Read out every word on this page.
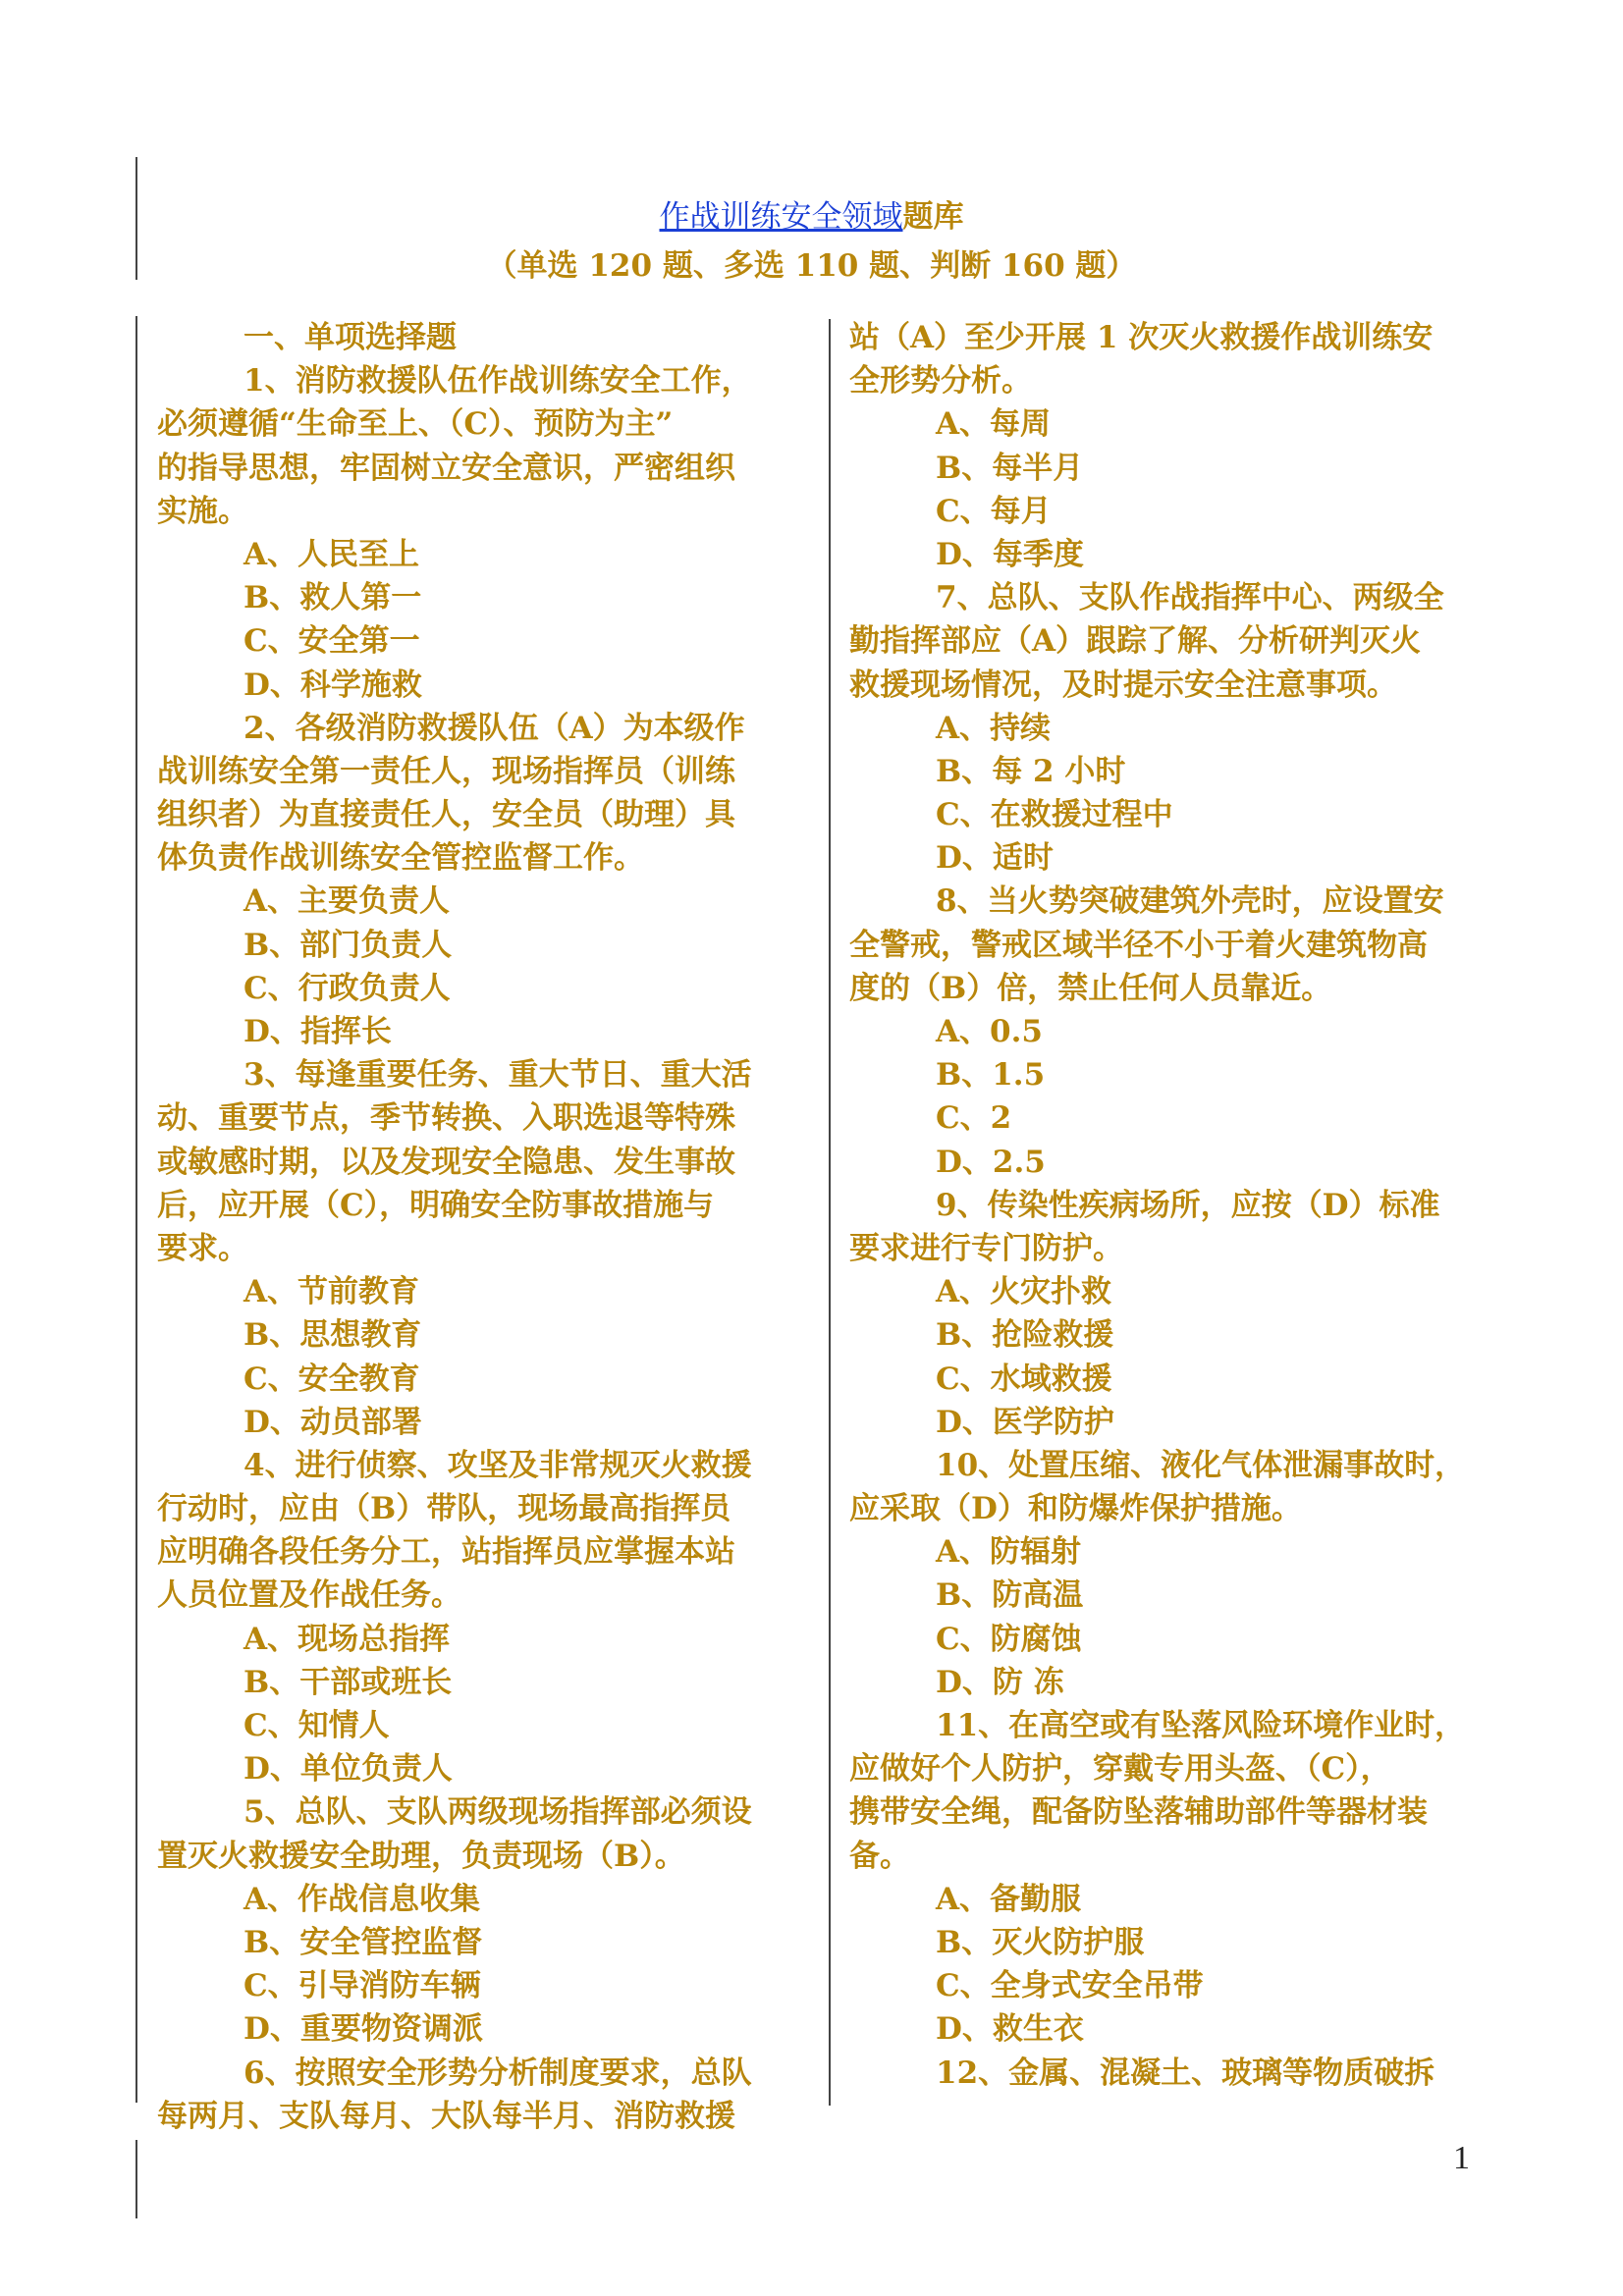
作战训练安全领域题库
（单选 120 题、多选 110 题、判断 160 题）
一、单项选择题
1、消防救援队伍作战训练安全工作，
必须遵循“生命至上、（C）、预防为主”
的指导思想，牢固树立安全意识，严密组织
实施。
A、人民至上
B、救人第一
C、安全第一
D、科学施救
2、各级消防救援队伍（A）为本级作
战训练安全第一责任人，现场指挥员（训练
组织者）为直接责任人，安全员（助理）具
体负责作战训练安全管控监督工作。
A、主要负责人
B、部门负责人
C、行政负责人
D、指挥长
3、每逢重要任务、重大节日、重大活
动、重要节点，季节转换、入职选退等特殊
或敏感时期，以及发现安全隐患、发生事故
后，应开展（C），明确安全防事故措施与
要求。
A、节前教育
B、思想教育
C、安全教育
D、动员部署
4、进行侦察、攻坚及非常规灭火救援
行动时，应由（B）带队，现场最高指挥员
应明确各段任务分工，站指挥员应掌握本站
人员位置及作战任务。
A、现场总指挥
B、干部或班长
C、知情人
D、单位负责人
5、总队、支队两级现场指挥部必须设
置灭火救援安全助理，负责现场（B）。
A、作战信息收集
B、安全管控监督
C、引导消防车辆
D、重要物资调派
6、按照安全形势分析制度要求，总队
每两月、支队每月、大队每半月、消防救援
站（A）至少开展 1 次灭火救援作战训练安
全形势分析。
A、每周
B、每半月
C、每月
D、每季度
7、总队、支队作战指挥中心、两级全
勤指挥部应（A）跟踪了解、分析研判灭火
救援现场情况，及时提示安全注意事项。
A、持续
B、每 2 小时
C、在救援过程中
D、适时
8、当火势突破建筑外壳时，应设置安
全警戒，警戒区域半径不小于着火建筑物高
度的（B）倍，禁止任何人员靠近。
A、0.5
B、1.5
C、2
D、2.5
9、传染性疾病场所，应按（D）标准
要求进行专门防护。
A、火灾扑救
B、抢险救援
C、水域救援
D、医学防护
10、处置压缩、液化气体泄漏事故时，
应采取（D）和防爆炸保护措施。
A、防辐射
B、防高温
C、防腐蚀
D、防 冻
11、在高空或有坠落风险环境作业时，
应做好个人防护，穿戴专用头盔、（C），
携带安全绳，配备防坠落辅助部件等器材装
备。
A、备勤服
B、灭火防护服
C、全身式安全吊带
D、救生衣
12、金属、混凝土、玻璃等物质破拆
1
